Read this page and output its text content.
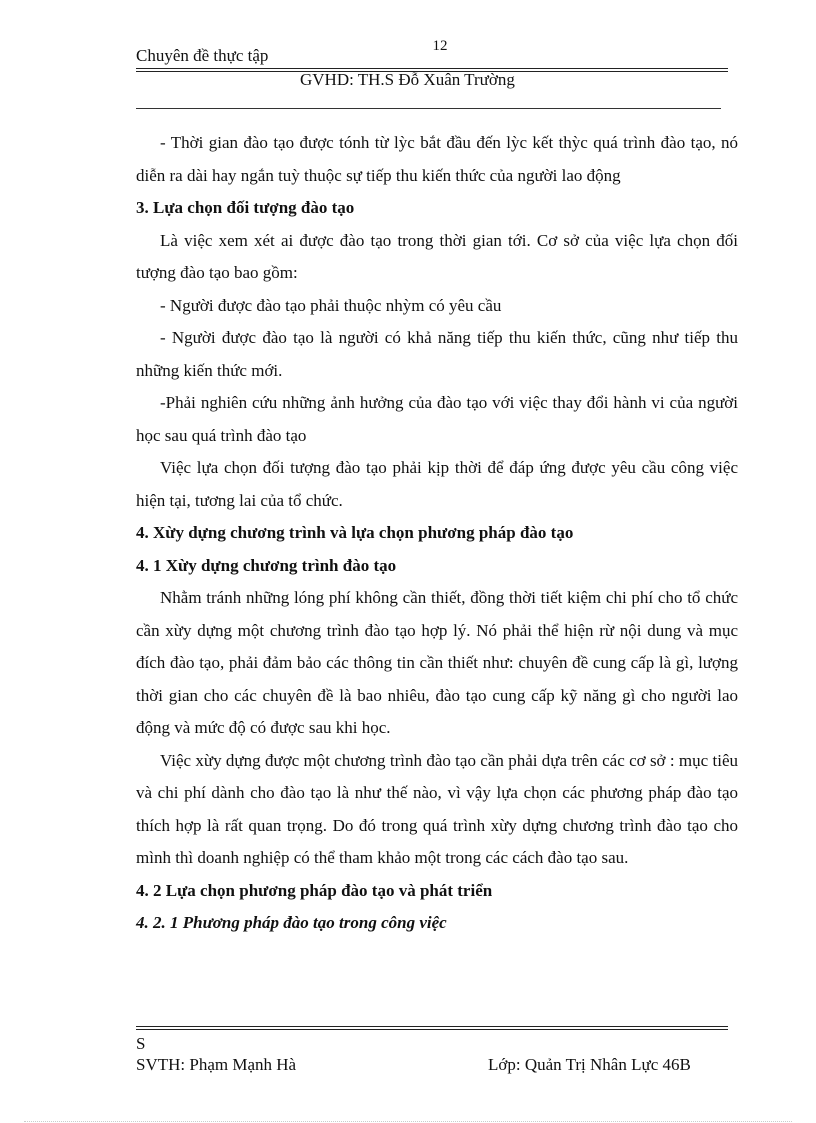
12
Chuyên đề thực tập
GVHD: TH.S Đỗ Xuân Trường

- Thời gian đào tạo được tónh từ lỳc bắt đầu đến lỳc kết thỳc quá trình đào tạo, nó diễn ra dài hay ngắn tuỳ thuộc sự tiếp thu kiến thức của người lao động

3. Lựa chọn đối tượng đào tạo

Là việc xem xét ai được đào tạo trong thời gian tới. Cơ sở của việc lựa chọn đối tượng đào tạo bao gồm:

- Người được đào tạo phải thuộc nhỳm có yêu cầu

- Người được đào tạo là người có khả năng tiếp thu kiến thức, cũng như tiếp thu những kiến thức mới.

-Phải nghiên cứu những ảnh hưởng của đào tạo với việc thay đổi hành vi của người học sau quá trình đào tạo

Việc lựa chọn đối tượng đào tạo phải kịp thời để đáp ứng được yêu cầu công việc hiện tại, tương lai của tổ chức.

4. Xừy dựng chương trình và lựa chọn phương pháp đào tạo

4. 1 Xừy dựng chương trình đào tạo

Nhằm tránh những lóng phí không cần thiết, đồng thời tiết kiệm chi phí cho tổ chức cần xừy dựng một chương trình đào tạo hợp lý. Nó phải thể hiện rừ nội dung và mục đích đào tạo, phải đảm bảo các thông tin cần thiết như: chuyên đề cung cấp là gì, lượng thời gian cho các chuyên đề là bao nhiêu, đào tạo cung cấp kỹ năng gì cho người lao động và mức độ có được sau khi học.

Việc xừy dựng được một chương trình đào tạo cần phải dựa trên các cơ sở : mục tiêu và chi phí dành cho đào tạo là như thế nào, vì vậy lựa chọn các phương pháp đào tạo thích hợp là rất quan trọng. Do đó trong quá trình xừy dựng chương trình đào tạo cho mình thì doanh nghiệp có thể tham khảo một trong các cách đào tạo sau.

4. 2 Lựa chọn phương pháp đào tạo và phát triển

4. 2. 1 Phương pháp đào tạo trong công việc

S
SVTH: Phạm Mạnh Hà	Lớp: Quản Trị Nhân Lực 46B
